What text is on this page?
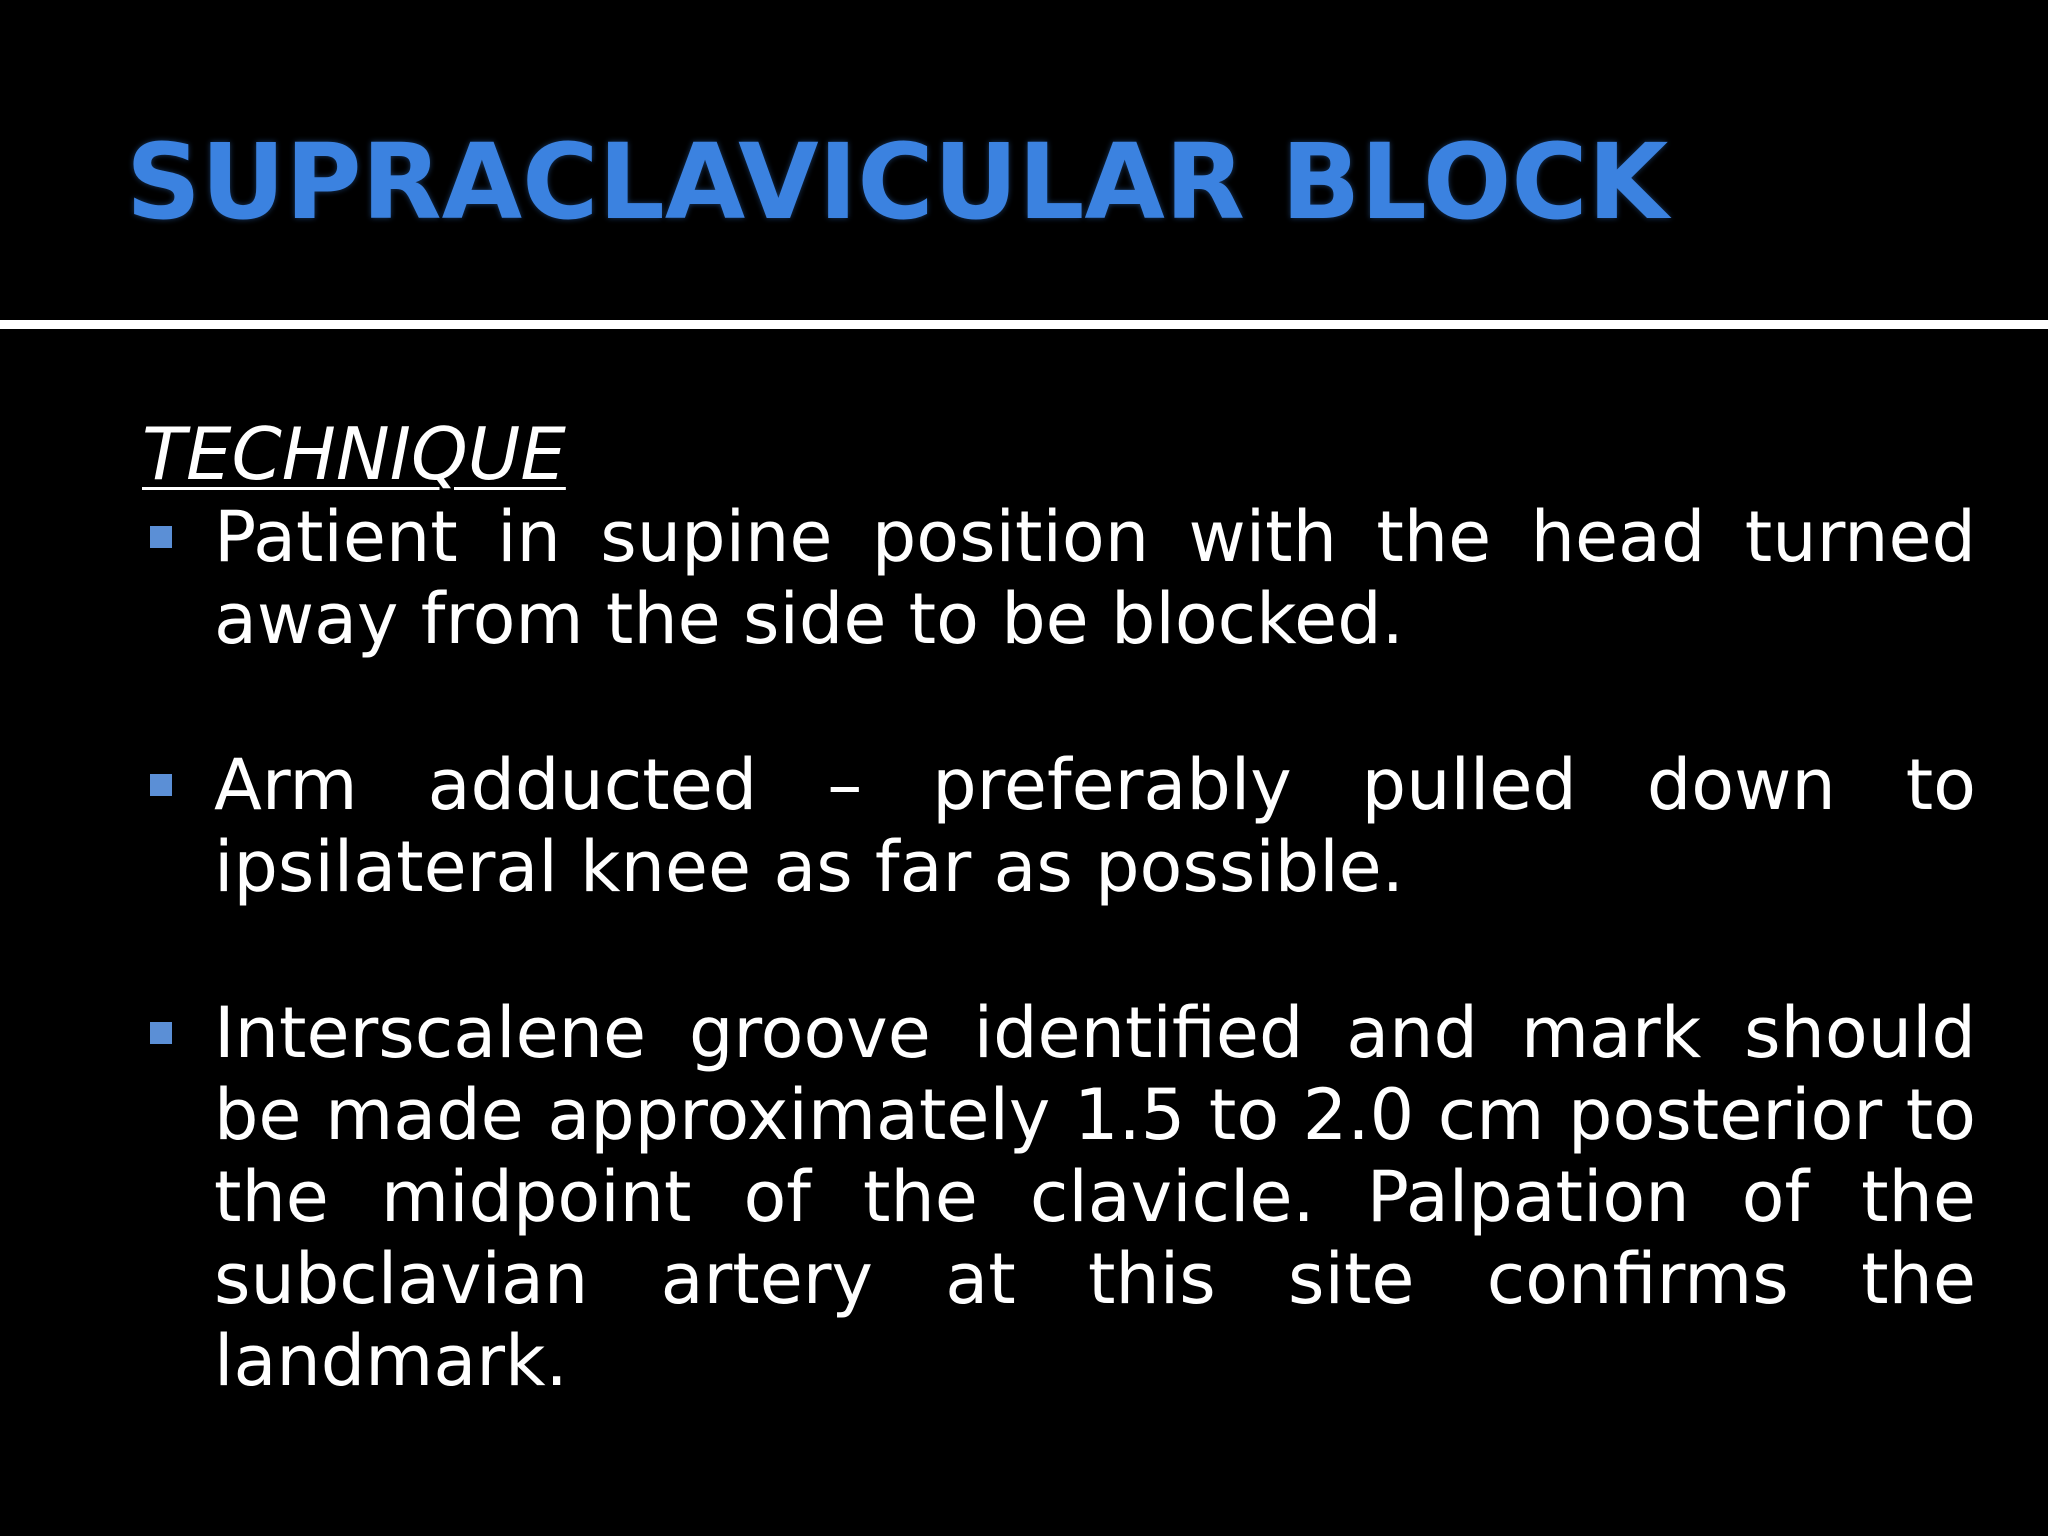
SUPRACLAVICULAR BLOCK
TECHNIQUE
Patient in supine position with the head turned away from the side to be blocked.
Arm adducted – preferably pulled down to ipsilateral knee as far as possible.
Interscalene groove identified and mark should be made approximately 1.5 to 2.0 cm posterior to the midpoint of the clavicle. Palpation of the subclavian artery at this site confirms the landmark.
